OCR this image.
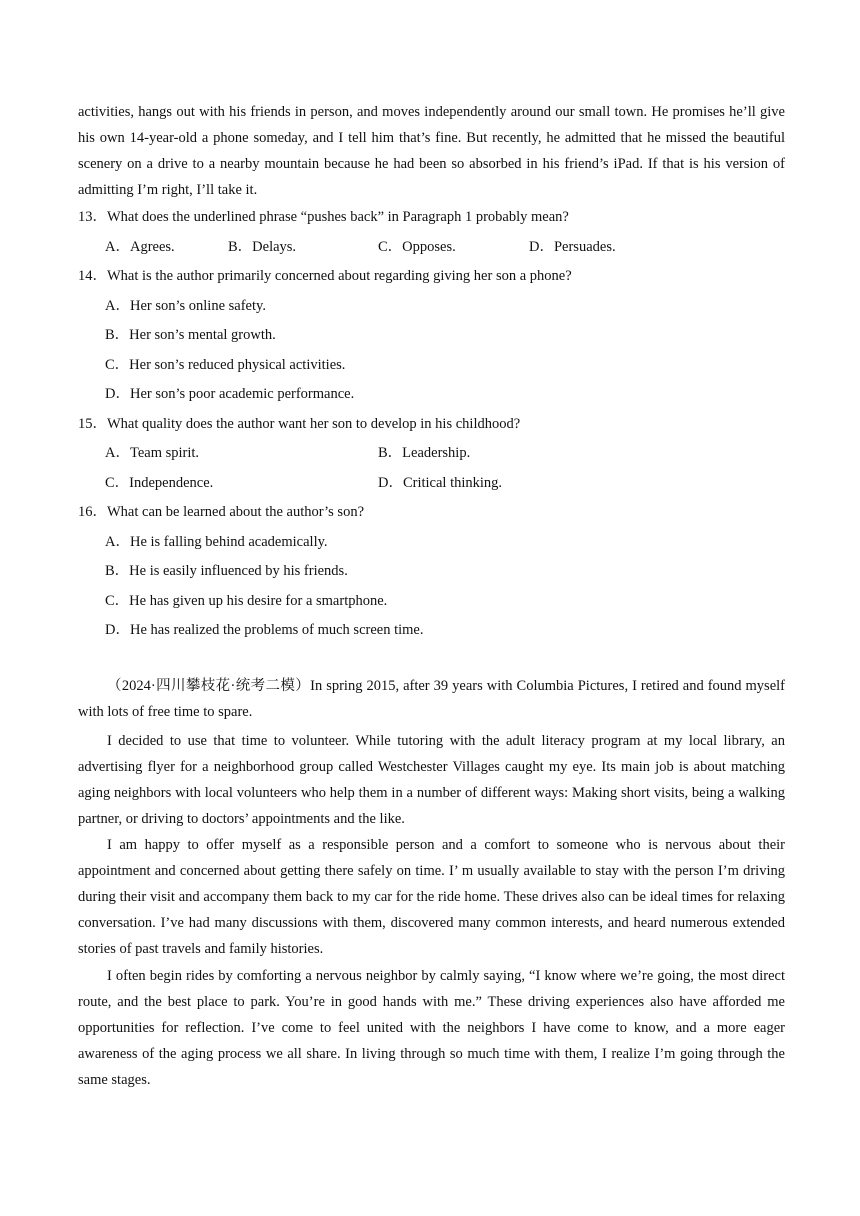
activities, hangs out with his friends in person, and moves independently around our small town. He promises he’ll give his own 14-year-old a phone someday, and I tell him that’s fine. But recently, he admitted that he missed the beautiful scenery on a drive to a nearby mountain because he had been so absorbed in his friend’s iPad. If that is his version of admitting I’m right, I’ll take it.

13．What does the underlined phrase “pushes back” in Paragraph 1 probably mean?
A．Agrees.	B．Delays.	C．Opposes.	D．Persuades.
14．What is the author primarily concerned about regarding giving her son a phone?
A．Her son’s online safety.
B．Her son’s mental growth.
C．Her son’s reduced physical activities.
D．Her son’s poor academic performance.
15．What quality does the author want her son to develop in his childhood?
A．Team spirit.	B．Leadership.
C．Independence.	D．Critical thinking.
16．What can be learned about the author’s son?
A．He is falling behind academically.
B．He is easily influenced by his friends.
C．He has given up his desire for a smartphone.
D．He has realized the problems of much screen time.

（2024·四川攀枝花·统考二模）In spring 2015, after 39 years with Columbia Pictures, I retired and found myself with lots of free time to spare.

I decided to use that time to volunteer. While tutoring with the adult literacy program at my local library, an advertising flyer for a neighborhood group called Westchester Villages caught my eye. Its main job is about matching aging neighbors with local volunteers who help them in a number of different ways: Making short visits, being a walking partner, or driving to doctors’ appointments and the like.

I am happy to offer myself as a responsible person and a comfort to someone who is nervous about their appointment and concerned about getting there safely on time. I’ m usually available to stay with the person I’m driving during their visit and accompany them back to my car for the ride home. These drives also can be ideal times for relaxing conversation. I’ve had many discussions with them, discovered many common interests, and heard numerous extended stories of past travels and family histories.

I often begin rides by comforting a nervous neighbor by calmly saying, “I know where we’re going, the most direct route, and the best place to park. You’re in good hands with me.” These driving experiences also have afforded me opportunities for reflection. I’ve come to feel united with the neighbors I have come to know, and a more eager awareness of the aging process we all share. In living through so much time with them, I realize I’m going through the same stages.
